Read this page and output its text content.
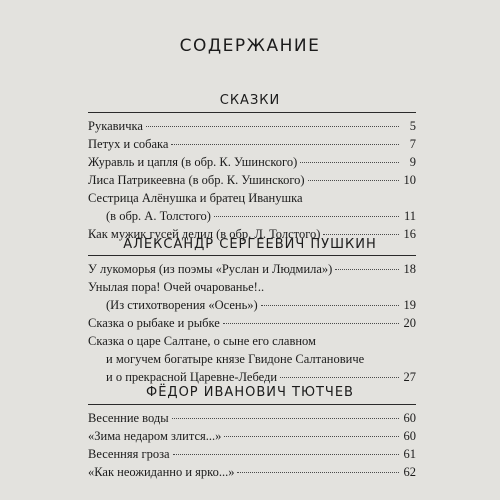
СОДЕРЖАНИЕ
СКАЗКИ
Рукавичка	5
Петух и собака	7
Журавль и цапля (в обр. К. Ушинского)	9
Лиса Патрикеевна (в обр. К. Ушинского)	10
Сестрица Алёнушка и братец Иванушка
(в обр. А. Толстого)	11
Как мужик гусей делил (в обр. Л. Толстого)	16
АЛЕКСАНДР СЕРГЕЕВИЧ ПУШКИН
У лукоморья (из поэмы «Руслан и Людмила»)	18
Унылая пора! Очей очарованье!..
(Из стихотворения «Осень»)	19
Сказка о рыбаке и рыбке	20
Сказка о царе Салтане, о сыне его славном
и могучем богатыре князе Гвидоне Салтановиче
и о прекрасной Царевне-Лебеди	27
ФЁДОР ИВАНОВИЧ ТЮТЧЕВ
Весенние воды	60
«Зима недаром злится...»	60
Весенняя гроза	61
«Как неожиданно и ярко...»	62
